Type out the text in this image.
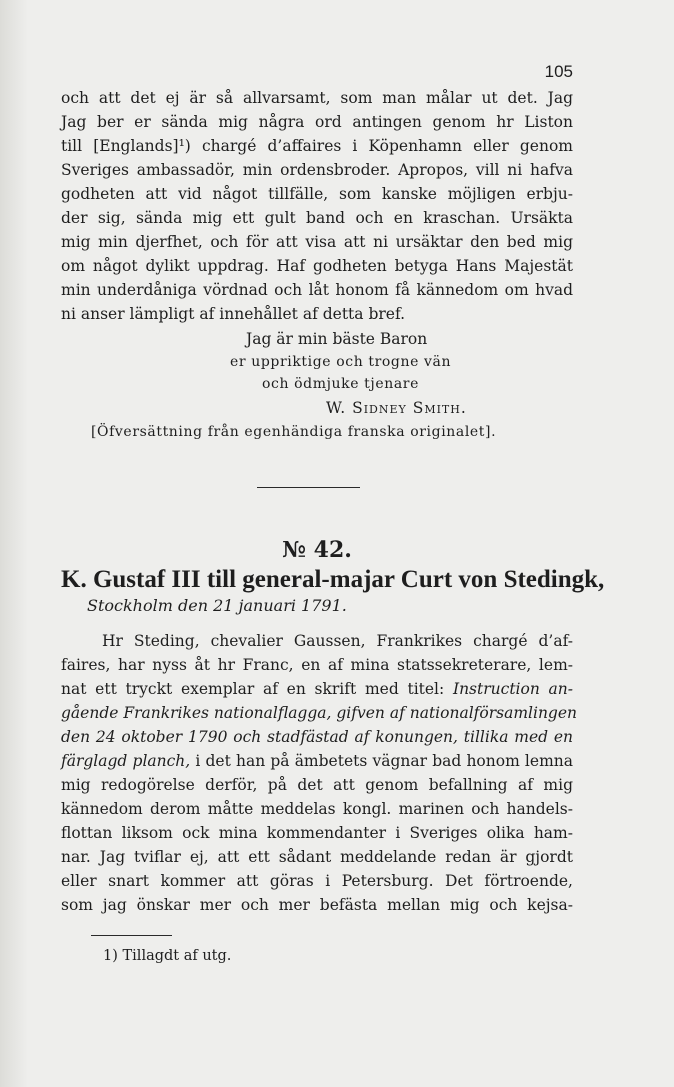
105

och att det ej är så allvarsamt, som man målar ut det. Jag

Jag ber er sända mig några ord antingen genom hr Liston

till [Englands]¹) chargé d’affaires i Köpenhamn eller genom

Sveriges ambassadör, min ordensbroder. Apropos, vill ni hafva

godheten att vid något tillfälle, som kanske möjligen erbju-

der sig, sända mig ett gult band och en kraschan. Ursäkta

mig min djerfhet, och för att visa att ni ursäktar den bed mig

om något dylikt uppdrag. Haf godheten betyga Hans Majestät

min underdåniga vördnad och låt honom få kännedom om hvad

ni anser lämpligt af innehållet af detta bref.

Jag är min bäste Baron

er uppriktige och trogne vän

och ödmjuke tjenare

W. Sidney Smith.

[Öfversättning från egenhändiga franska originalet].

№ 42.
K. Gustaf III till general-majar Curt von Stedingk,
Stockholm den 21 januari 1791.

Hr Steding, chevalier Gaussen, Frankrikes chargé d’af-

faires, har nyss åt hr Franc, en af mina statssekreterare, lem-

nat ett tryckt exemplar af en skrift med titel: Instruction an-

gående Frankrikes nationalflagga, gifven af nationalförsamlingen

den 24 oktober 1790 och stadfästad af konungen, tillika med en

färglagd planch, i det han på ämbetets vägnar bad honom lemna

mig redogörelse derför, på det att genom befallning af mig

kännedom derom måtte meddelas kongl. marinen och handels-

flottan liksom ock mina kommendanter i Sveriges olika ham-

nar. Jag tviflar ej, att ett sådant meddelande redan är gjordt

eller snart kommer att göras i Petersburg. Det förtroende,

som jag önskar mer och mer befästa mellan mig och kejsa-

1) Tillagdt af utg.
